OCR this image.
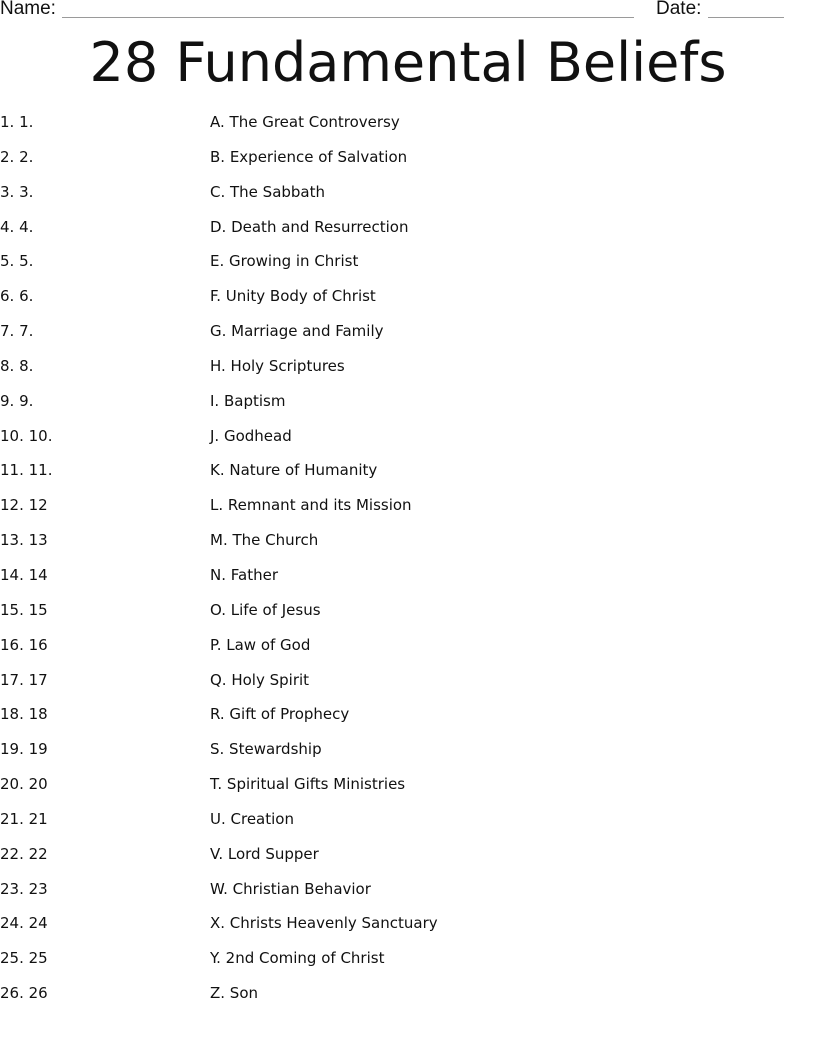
Name:	Date:
28 Fundamental Beliefs
1. 1.	A. The Great Controversy
2. 2.	B. Experience of Salvation
3. 3.	C. The Sabbath
4. 4.	D. Death and Resurrection
5. 5.	E. Growing in Christ
6. 6.	F. Unity Body of Christ
7. 7.	G. Marriage and Family
8. 8.	H. Holy Scriptures
9. 9.	I. Baptism
10. 10.	J. Godhead
11. 11.	K. Nature of Humanity
12. 12	L. Remnant and its Mission
13. 13	M. The Church
14. 14	N. Father
15. 15	O. Life of Jesus
16. 16	P. Law of God
17. 17	Q. Holy Spirit
18. 18	R. Gift of Prophecy
19. 19	S. Stewardship
20. 20	T. Spiritual Gifts Ministries
21. 21	U. Creation
22. 22	V. Lord Supper
23. 23	W. Christian Behavior
24. 24	X. Christs Heavenly Sanctuary
25. 25	Y. 2nd Coming of Christ
26. 26	Z. Son
